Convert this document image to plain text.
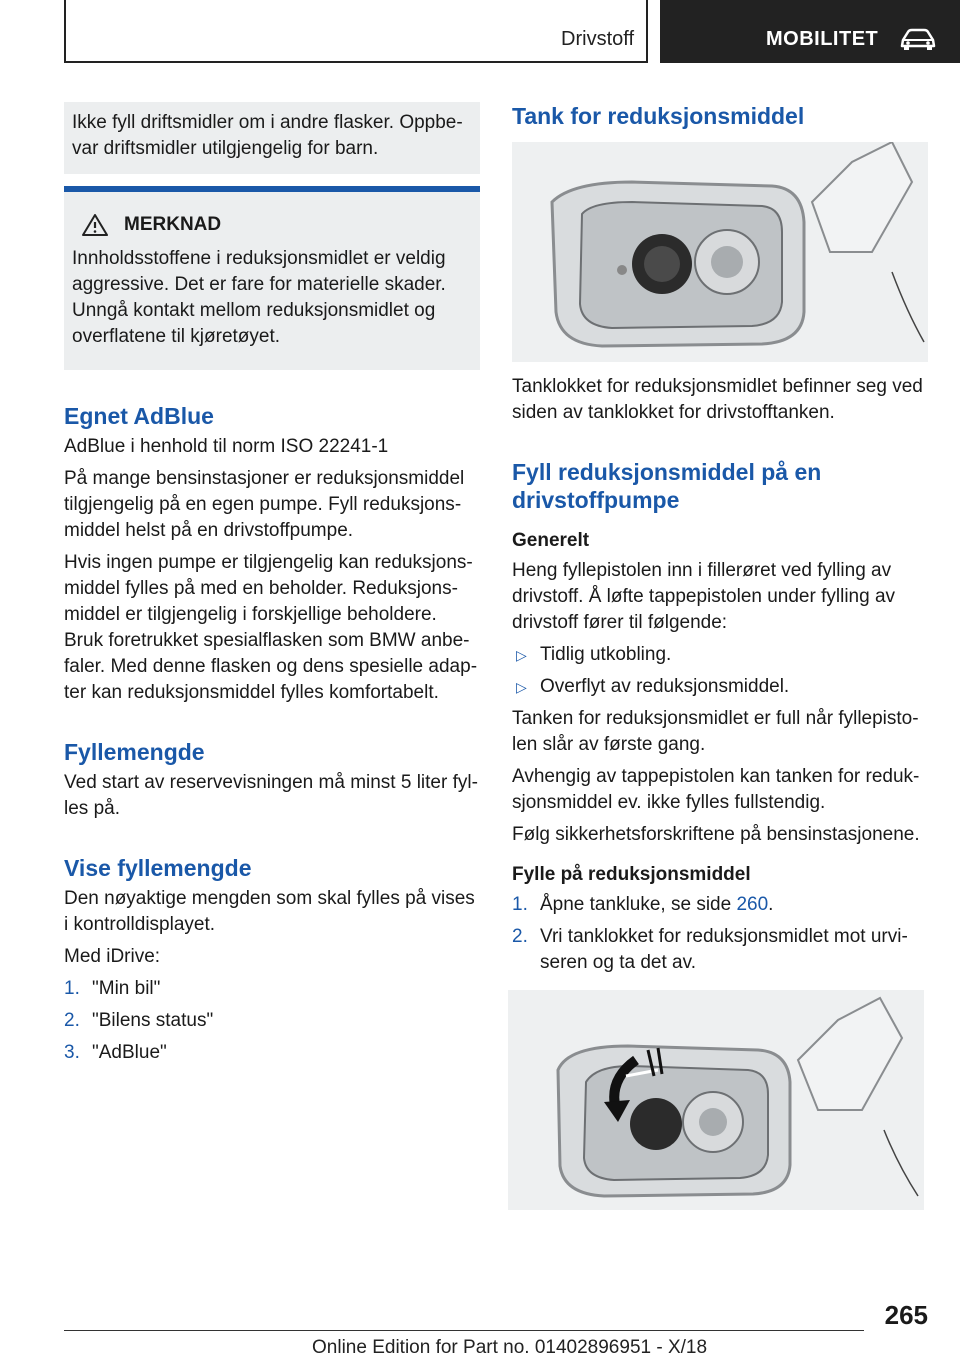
Drivstoff	MOBILITET
Ikke fyll driftsmidler om i andre flasker. Oppbevar driftsmidler utilgjengelig for barn.
MERKNAD
Innholdsstoffene i reduksjonsmidlet er veldig aggressive. Det er fare for materielle skader. Unngå kontakt mellom reduksjonsmidlet og overflatene til kjøretøyet.
Egnet AdBlue

AdBlue i henhold til norm ISO 22241-1

På mange bensinstasjoner er reduksjonsmiddel tilgjengelig på en egen pumpe. Fyll reduksjonsmiddel helst på en drivstoffpumpe.

Hvis ingen pumpe er tilgjengelig kan reduksjonsmiddel fylles på med en beholder. Reduksjonsmiddel er tilgjengelig i forskjellige beholdere. Bruk foretrukket spesialflasken som BMW anbefaler. Med denne flasken og dens spesielle adapter kan reduksjonsmiddel fylles komfortabelt.

Fyllemengde

Ved start av reservevisningen må minst 5 liter fylles på.

Vise fyllemengde

Den nøyaktige mengden som skal fylles på vises i kontrolldisplayet.

Med iDrive:

1. "Min bil"
2. "Bilens status"
3. "AdBlue"
Tank for reduksjonsmiddel

Tanklokket for reduksjonsmidlet befinner seg ved siden av tanklokket for drivstofftanken.

Fyll reduksjonsmiddel på en drivstoffpumpe
Generelt

Heng fyllepistolen inn i fillerøret ved fylling av drivstoff. Å løfte tappepistolen under fylling av drivstoff fører til følgende:

▷ Tidlig utkobling.
▷ Overflyt av reduksjonsmiddel.

Tanken for reduksjonsmidlet er full når fyllepistolen slår av første gang.

Avhengig av tappepistolen kan tanken for reduksjonsmiddel ev. ikke fylles fullstendig.

Følg sikkerhetsforskriftene på bensinstasjonene.

Fylle på reduksjonsmiddel
1. Åpne tankluke, se side 260.
2. Vri tanklokket for reduksjonsmidlet mot urviseren og ta det av.
265
Online Edition for Part no. 01402896951 - X/18
